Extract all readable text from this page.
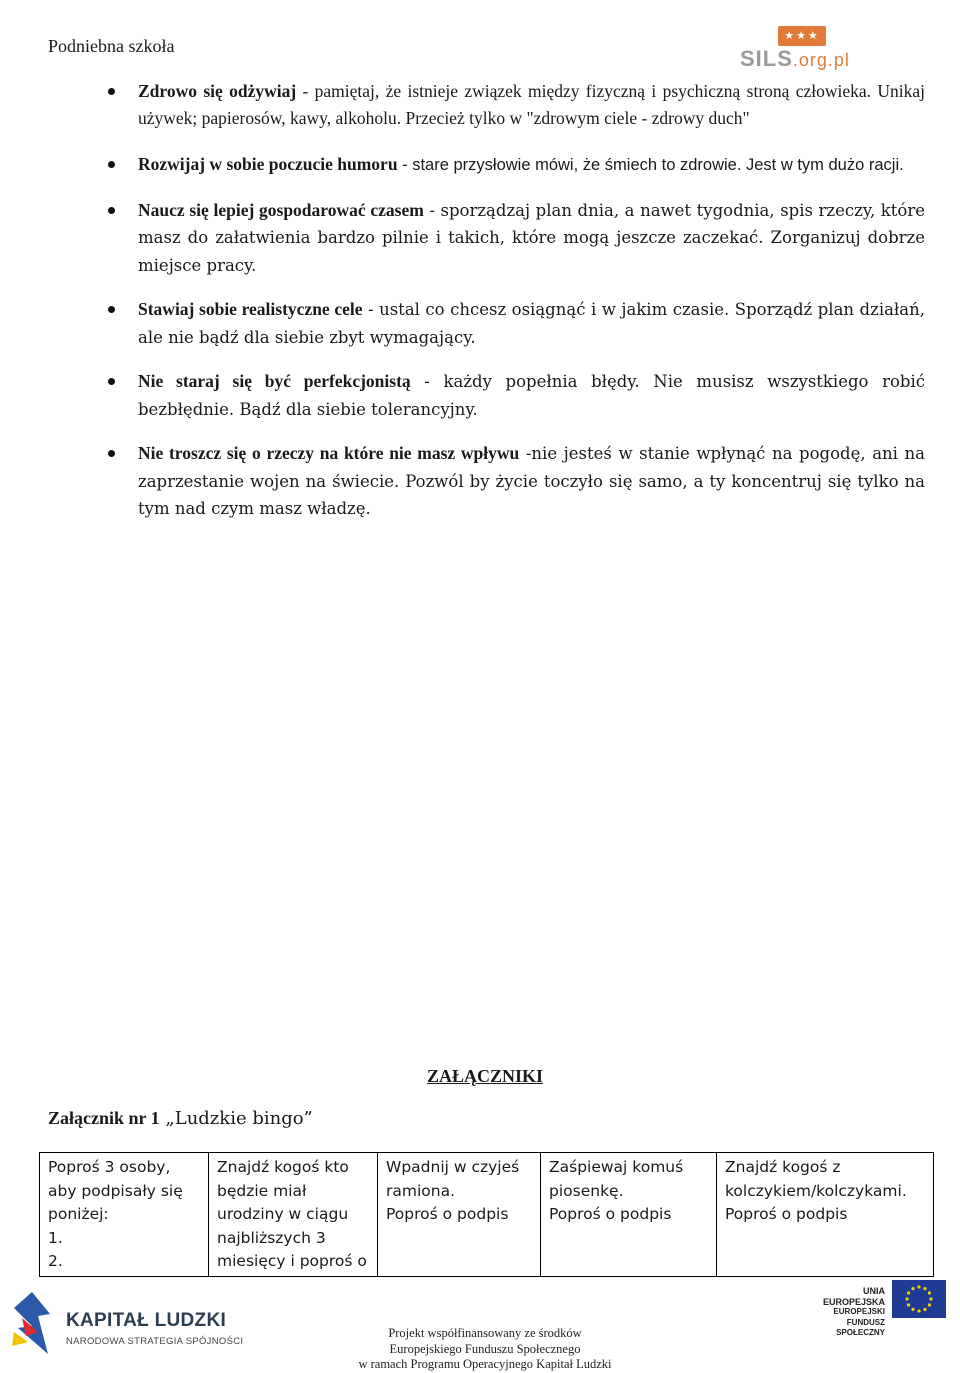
Podniebna szkoła	★★★
SILS.org.pl
Zdrowo się odżywiaj - pamiętaj, że istnieje związek między fizyczną i psychiczną stroną człowieka. Unikaj używek; papierosów, kawy, alkoholu. Przecież tylko w "zdrowym ciele - zdrowy duch"
Rozwijaj w sobie poczucie humoru - stare przysłowie mówi, że śmiech to zdrowie. Jest w tym dużo racji.
Naucz się lepiej gospodarować czasem - sporządzaj plan dnia, a nawet tygodnia, spis rzeczy, które masz do załatwienia bardzo pilnie i takich, które mogą jeszcze zaczekać. Zorganizuj dobrze miejsce pracy.
Stawiaj sobie realistyczne cele - ustal co chcesz osiągnąć i w jakim czasie. Sporządź plan działań, ale nie bądź dla siebie zbyt wymagający.
Nie staraj się być perfekcjonistą - każdy popełnia błędy. Nie musisz wszystkiego robić bezbłędnie. Bądź dla siebie tolerancyjny.
Nie troszcz się o rzeczy na które nie masz wpływu -nie jesteś w stanie wpłynąć na pogodę, ani na zaprzestanie wojen na świecie. Pozwól by życie toczyło się samo, a ty koncentruj się tylko na tym nad czym masz władzę.
ZAŁĄCZNIKI
Załącznik nr 1 „Ludzkie bingo”
Poproś 3 osoby,
aby podpisały się
poniżej:
1.
2.

Znajdź kogoś kto
będzie miał
urodziny w ciągu
najbliższych 3
miesięcy i poproś o

Wpadnij w czyjeś
ramiona.
Poproś o podpis

Zaśpiewaj komuś
piosenkę.
Poproś o podpis

Znajdź kogoś z
kolczykiem/kolczykami.
Poproś o podpis
KAPITAŁ LUDZKI
NARODOWA STRATEGIA SPÓJNOŚCI
Projekt współfinansowany ze środków
Europejskiego Funduszu Społecznego
w ramach Programu Operacyjnego Kapitał Ludzki
UNIA EUROPEJSKA
EUROPEJSKI
FUNDUSZ SPOŁECZNY
